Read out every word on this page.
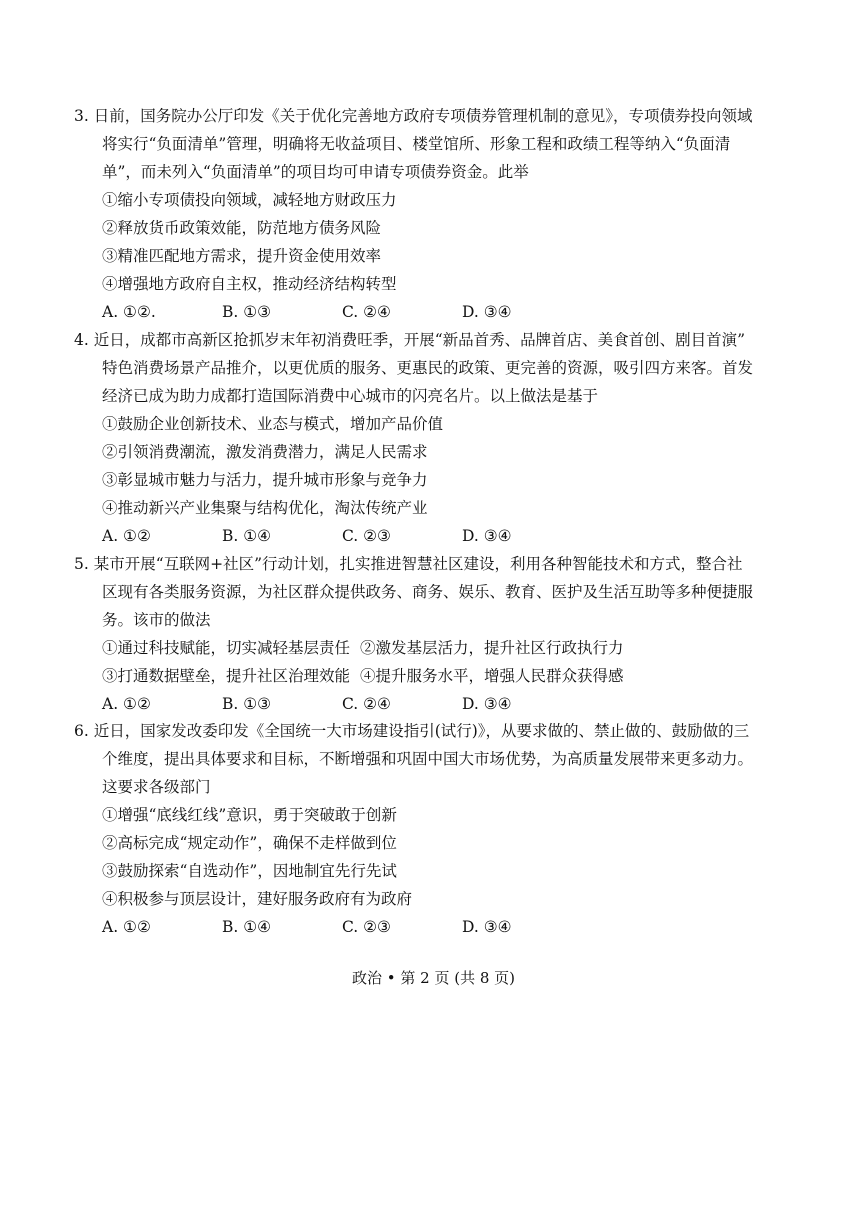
3. 日前，国务院办公厅印发《关于优化完善地方政府专项债券管理机制的意见》，专项债券投向领域
将实行“负面清单”管理，明确将无收益项目、楼堂馆所、形象工程和政绩工程等纳入“负面清
单”，而未列入“负面清单”的项目均可申请专项债券资金。此举
①缩小专项债投向领域，减轻地方财政压力
②释放货币政策效能，防范地方债务风险
③精准匹配地方需求，提升资金使用效率
④增强地方政府自主权，推动经济结构转型
A. ①②.	B. ①③	C. ②④	D. ③④
4. 近日，成都市高新区抢抓岁末年初消费旺季，开展“新品首秀、品牌首店、美食首创、剧目首演”
特色消费场景产品推介，以更优质的服务、更惠民的政策、更完善的资源，吸引四方来客。首发
经济已成为助力成都打造国际消费中心城市的闪亮名片。以上做法是基于
①鼓励企业创新技术、业态与模式，增加产品价值
②引领消费潮流，激发消费潜力，满足人民需求
③彰显城市魅力与活力，提升城市形象与竞争力
④推动新兴产业集聚与结构优化，淘汰传统产业
A. ①②	B. ①④	C. ②③	D. ③④
5. 某市开展“互联网+社区”行动计划，扎实推进智慧社区建设，利用各种智能技术和方式，整合社
区现有各类服务资源，为社区群众提供政务、商务、娱乐、教育、医护及生活互助等多种便捷服
务。该市的做法
①通过科技赋能，切实减轻基层责任 ②激发基层活力，提升社区行政执行力
③打通数据壁垒，提升社区治理效能 ④提升服务水平，增强人民群众获得感
A. ①②	B. ①③	C. ②④	D. ③④
6. 近日，国家发改委印发《全国统一大市场建设指引(试行)》，从要求做的、禁止做的、鼓励做的三
个维度，提出具体要求和目标，不断增强和巩固中国大市场优势，为高质量发展带来更多动力。
这要求各级部门
①增强“底线红线”意识，勇于突破敢于创新
②高标完成“规定动作”，确保不走样做到位
③鼓励探索“自选动作”，因地制宜先行先试
④积极参与顶层设计，建好服务政府有为政府
A. ①②	B. ①④	C. ②③	D. ③④
政治 • 第 2 页 (共 8 页)
